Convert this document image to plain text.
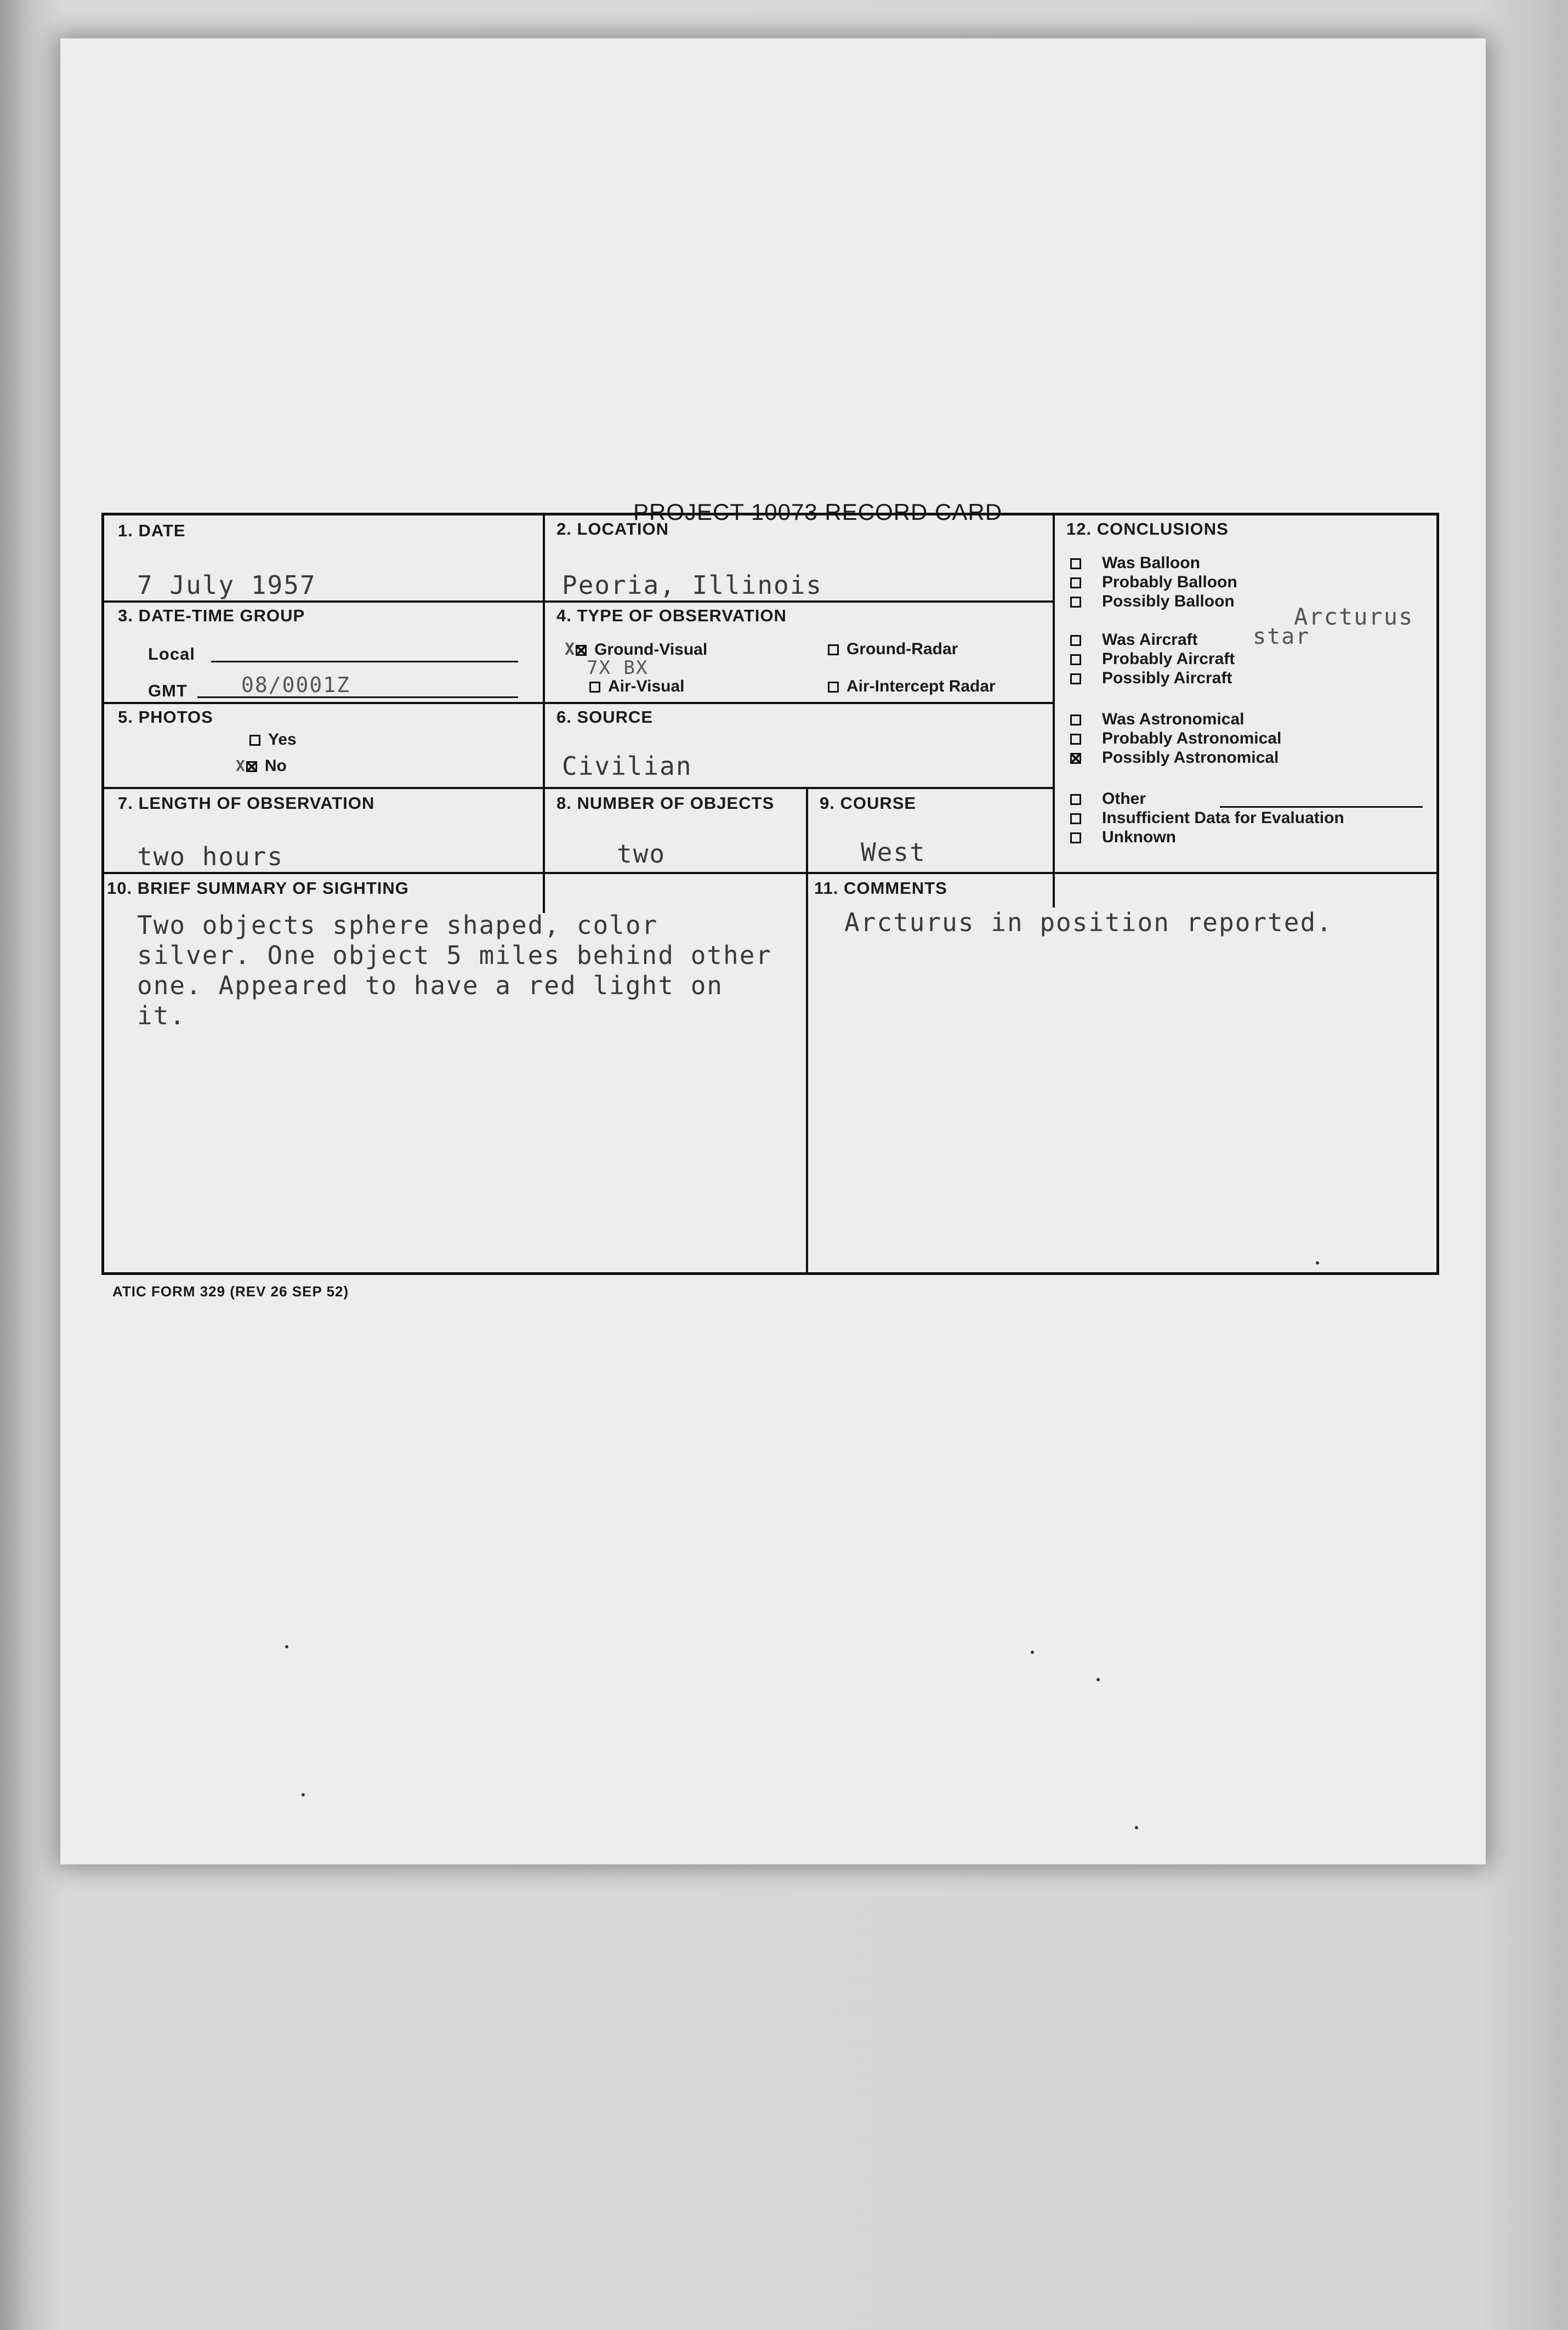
PROJECT 10073 RECORD CARD
1. DATE
7 July 1957
2. LOCATION
Peoria, Illinois
3. DATE-TIME GROUP
Local
GMT	08/0001Z
4. TYPE OF OBSERVATION
X Ground-Visual
7X BX
Ground-Radar
Air-Visual	Air-Intercept Radar
5. PHOTOS
Yes
X No
6. SOURCE
Civilian
7. LENGTH OF OBSERVATION
two hours
8. NUMBER OF OBJECTS
two
9. COURSE
West
10. BRIEF SUMMARY OF SIGHTING
Two objects sphere shaped, color
silver. One object 5 miles behind other
one. Appeared to have a red light on
it.
11. COMMENTS
Arcturus in position reported.
12. CONCLUSIONS
Was Balloon
Probably Balloon
Possibly Balloon
Arcturus
star
Was Aircraft
Probably Aircraft
Possibly Aircraft
Was Astronomical
Probably Astronomical
Possibly Astronomical
Other
Insufficient Data for Evaluation
Unknown
ATIC FORM 329 (REV 26 SEP 52)
